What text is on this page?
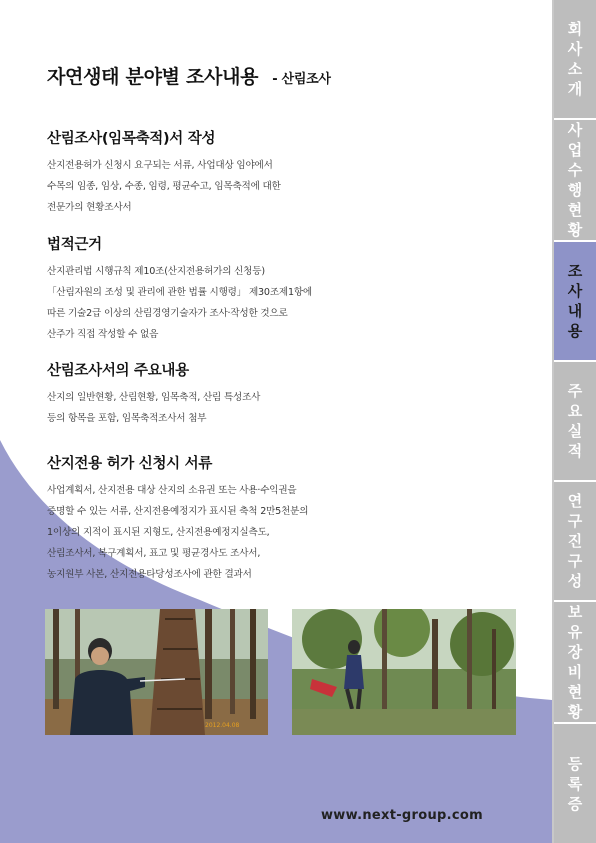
자연생태 분야별 조사내용 - 산림조사
산림조사(임목축적)서 작성

산지전용허가 신청시 요구되는 서류, 사업대상 임야에서

수목의 임종, 임상, 수종, 임령, 평균수고, 임목축적에 대한

전문가의 현황조사서

법적근거

산지관리법 시행규칙 제10조(산지전용허가의 신청등)

「산림자원의 조성 및 관리에 관한 법률 시행령」 제30조제1항에

따른 기술2급 이상의 산림경영기술자가 조사·작성한 것으로

산주가 직접 작성할 수 없음

산림조사서의 주요내용

산지의 일반현황, 산림현황, 임목축적, 산림 특성조사

등의 항목을 포함, 임목축적조사서 첨부

산지전용 허가 신청시 서류

사업계획서, 산지전용 대상 산지의 소유권 또는 사용·수익권을

증명할 수 있는 서류, 산지전용예정지가 표시된 축척 2만5천분의

1이상의 지적이 표시된 지형도, 산지전용예정지실측도,

산림조사서, 복구계획서, 표고 및 평균경사도 조사서,

농지원부 사본, 산지전용타당성조사에 관한 결과서

2012.04.08
www.next-group.com
회
사
소
개
사
업
수
행
현
황
조
사
내
용
주
요
실
적
연
구
진
구
성
보
유
장
비
현
황
등
록
증
